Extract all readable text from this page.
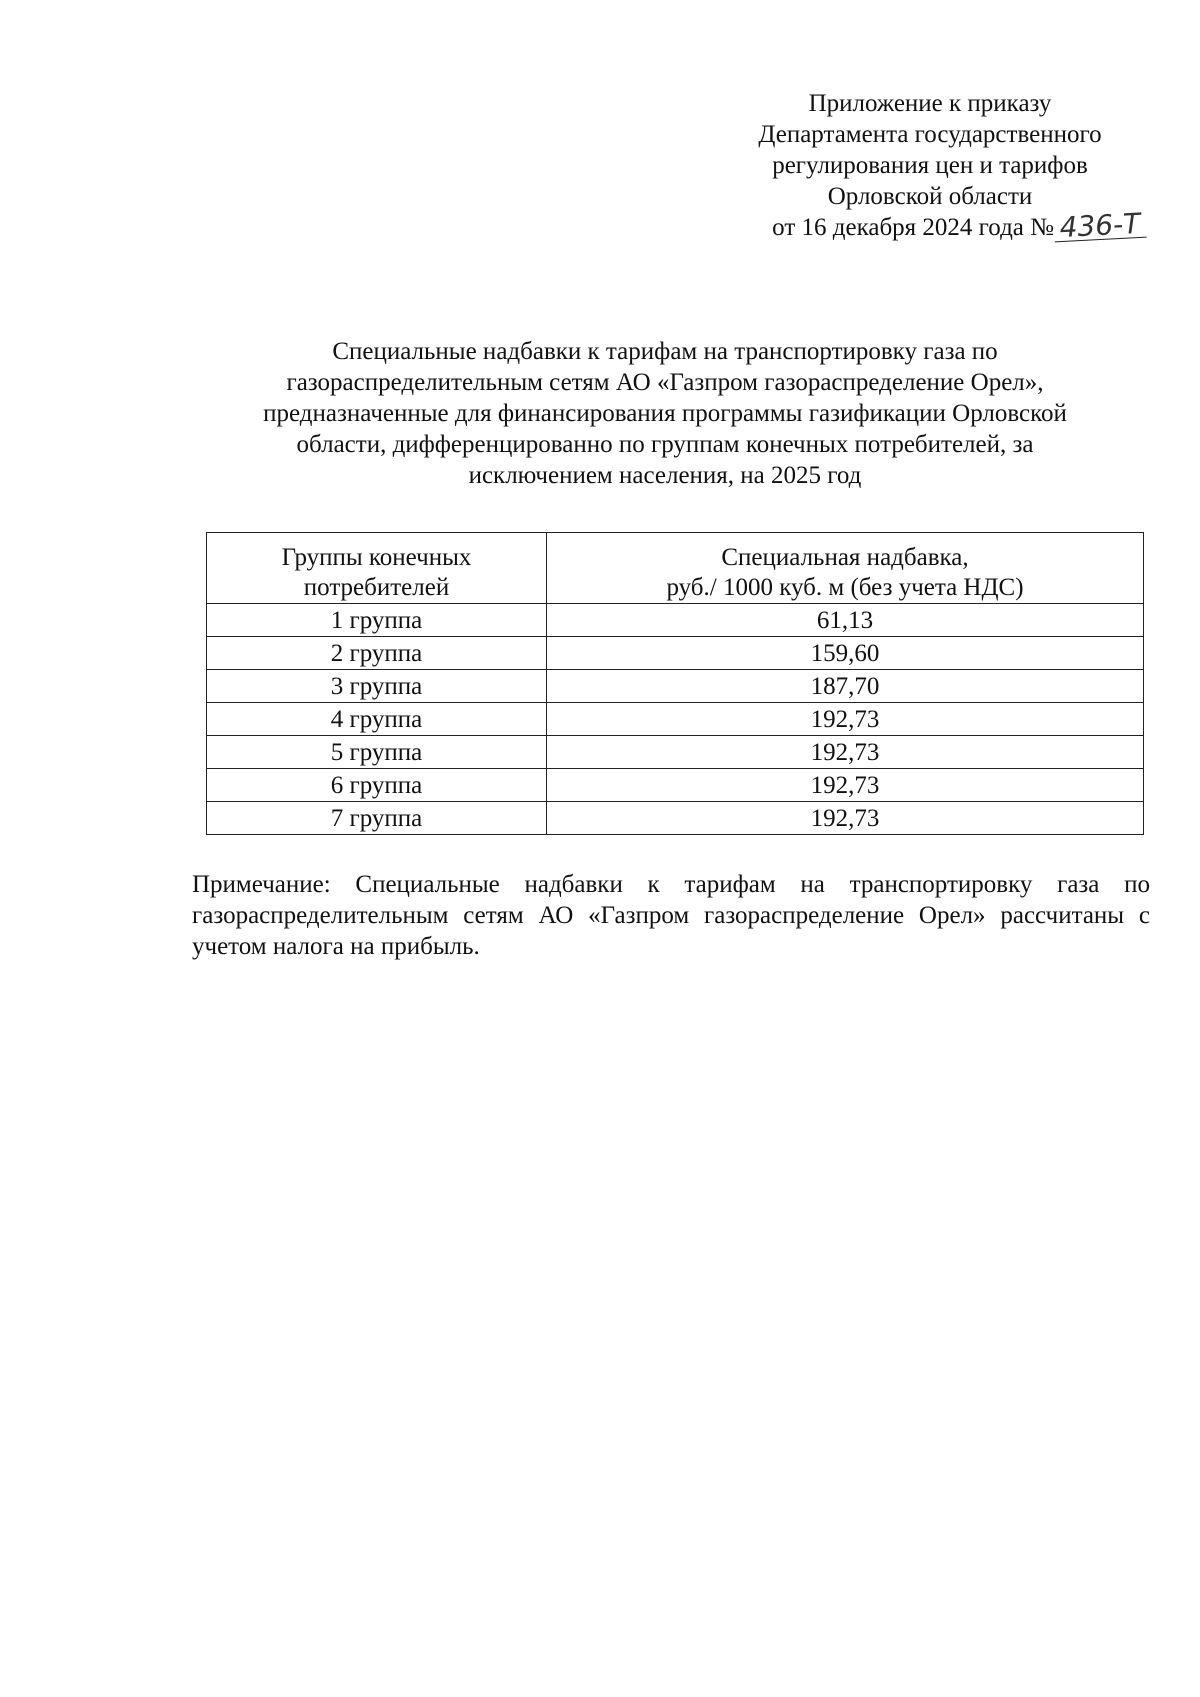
Приложение к приказу
Департамента государственного
регулирования цен и тарифов
Орловской области
от 16 декабря 2024 года № 436-Т
Специальные надбавки к тарифам на транспортировку газа по
газораспределительным сетям АО «Газпром газораспределение Орел»,
предназначенные для финансирования программы газификации Орловской
области, дифференцированно по группам конечных потребителей, за
исключением населения, на 2025 год
Группы конечных
потребителей	Специальная надбавка,
руб./ 1000 куб. м (без учета НДС)

1 группа	61,13
2 группа	159,60
3 группа	187,70
4 группа	192,73
5 группа	192,73
6 группа	192,73
7 группа	192,73
Примечание: Специальные надбавки к тарифам на транспортировку газа по газораспределительным сетям АО «Газпром газораспределение Орел» рассчитаны с учетом налога на прибыль.
